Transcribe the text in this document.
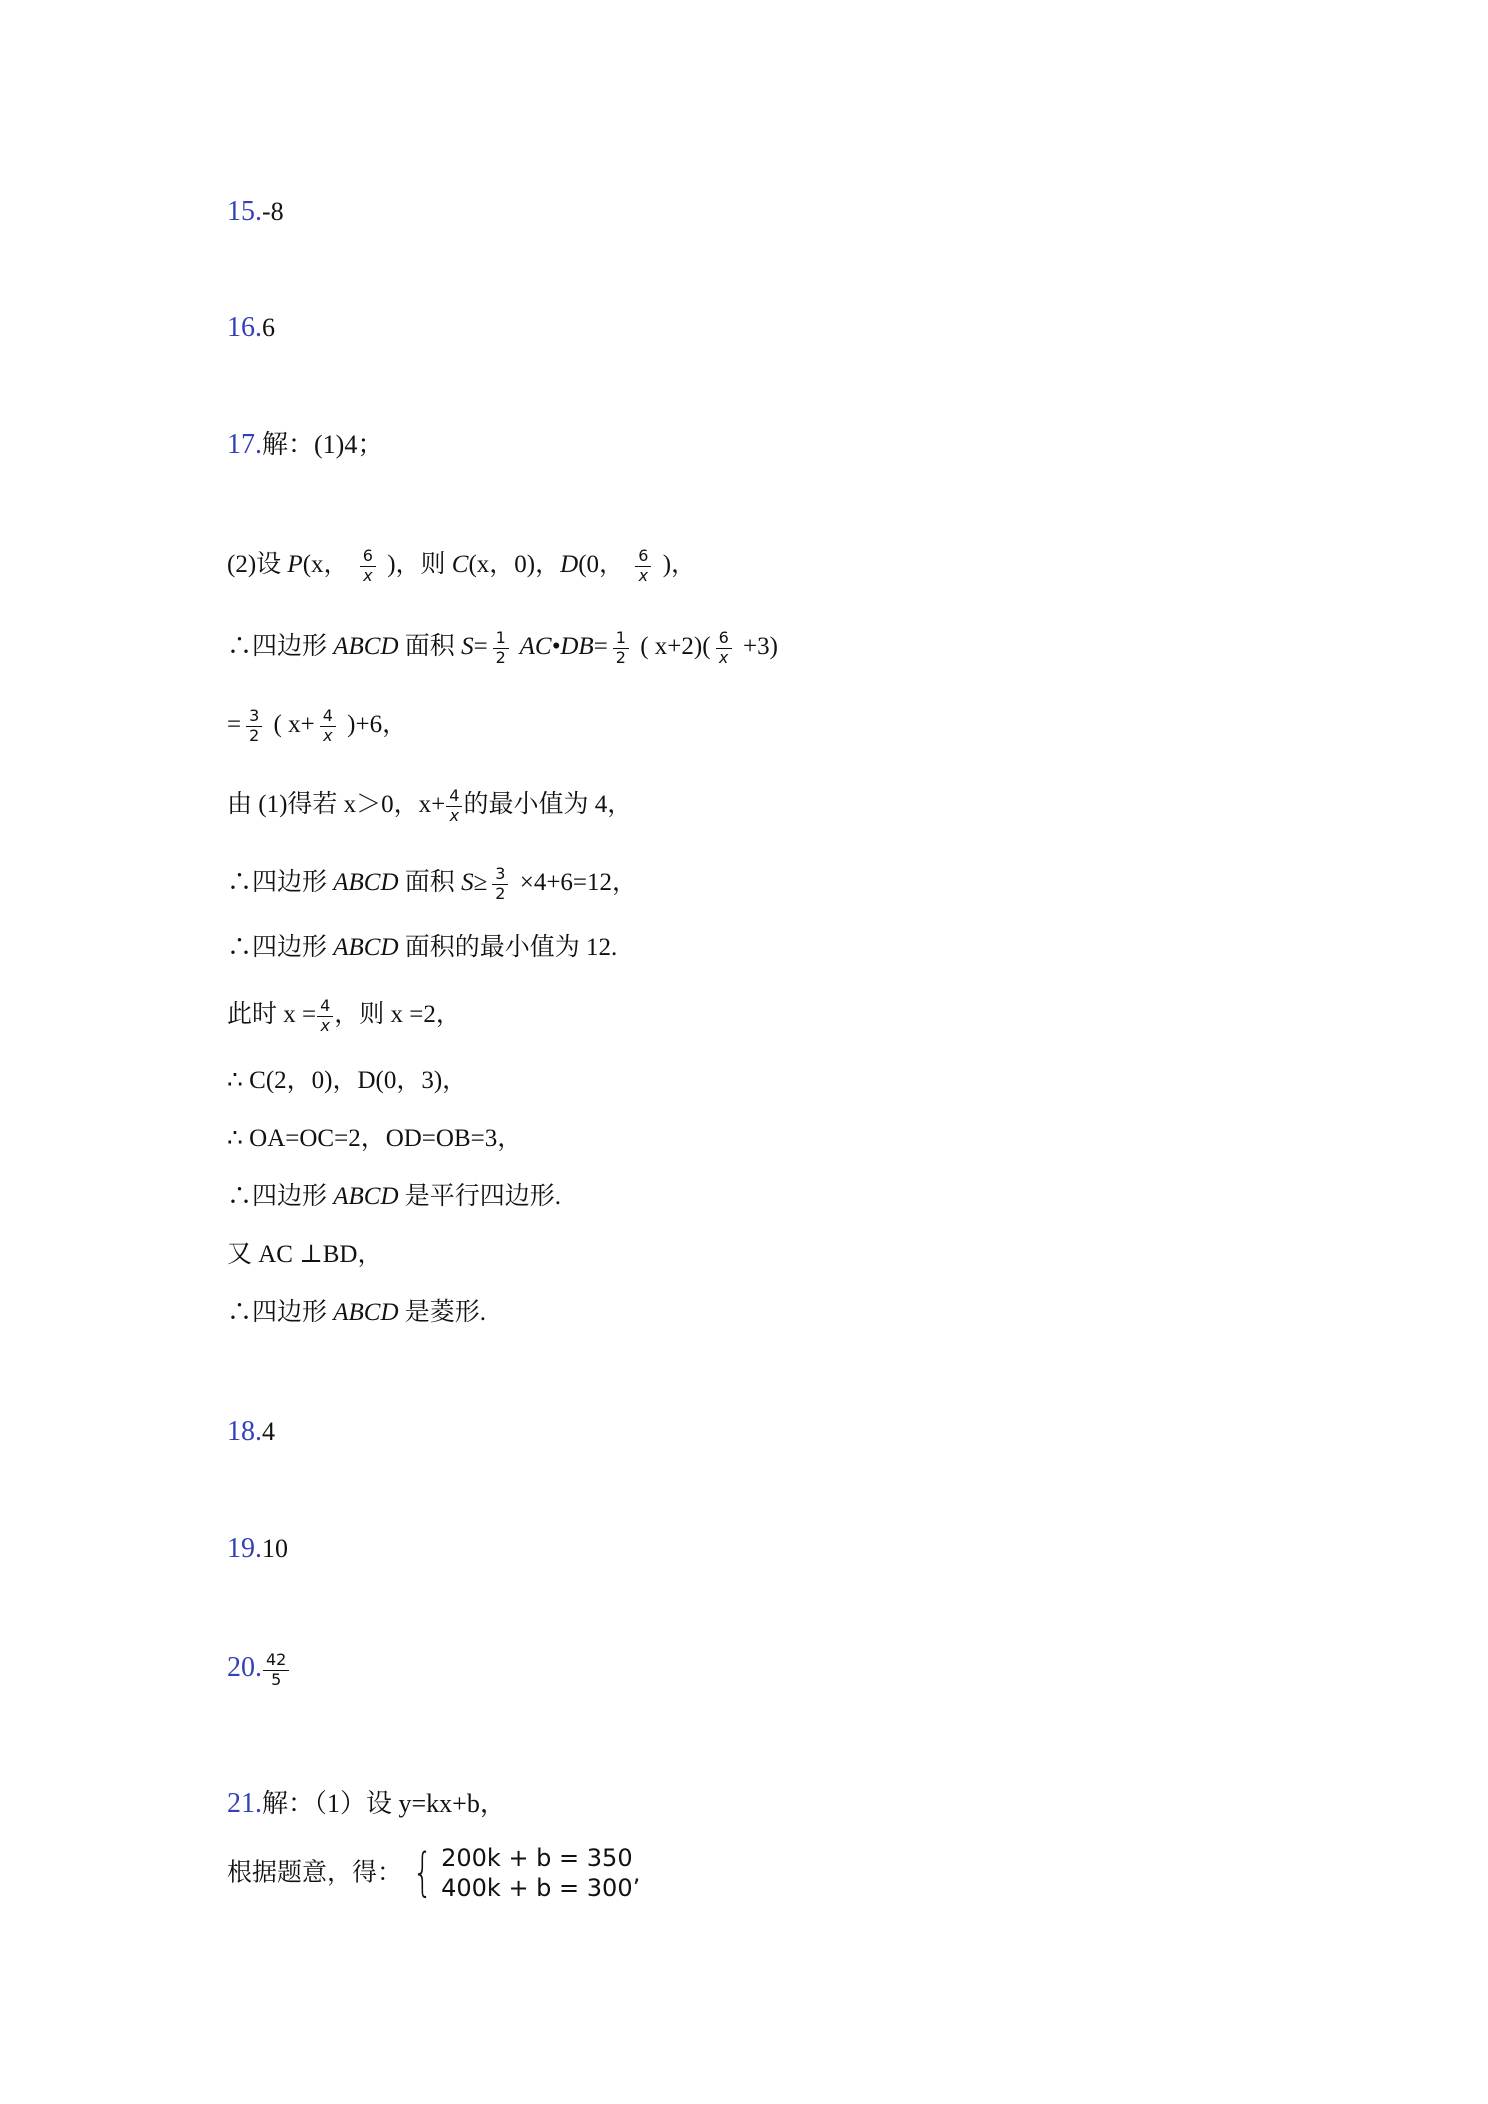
15.-8
16.6
17.解：(1)4；
(2)设 P(x， $\frac{6}{x}$ )，则 C(x，0)，D(0， $\frac{6}{x}$ )，
∴四边形 ABCD 面积 $S= \frac{1}{2}$ AC•DB= $\frac{1}{2}$ ( $x+2)( \frac{6}{x} +3)$
= $\frac{3}{2}$ ( $x+ \frac{4}{x} )+6$，
由 (1)得若 x＞0，$x+ \frac{4}{x}$ 的最小值为 4，
∴四边形 ABCD 面积 $S\ge \frac{3}{2} \times 4+6=12$，
∴四边形 ABCD 面积的最小值为 12.
此时 $x = \frac{4}{x}$ ，则 x =2，
∴ C(2，0)，D(0，3)，
∴ OA=OC=2，OD=OB=3，
∴四边形 ABCD 是平行四边形.
又 AC ⊥BD，
∴四边形 ABCD 是菱形.
18.4
19.10
20. $\frac{42}{5}$
21.解：（1）设 y=kx+b，
根据题意，得： { 200k + b = 350
400k + b = 300’
